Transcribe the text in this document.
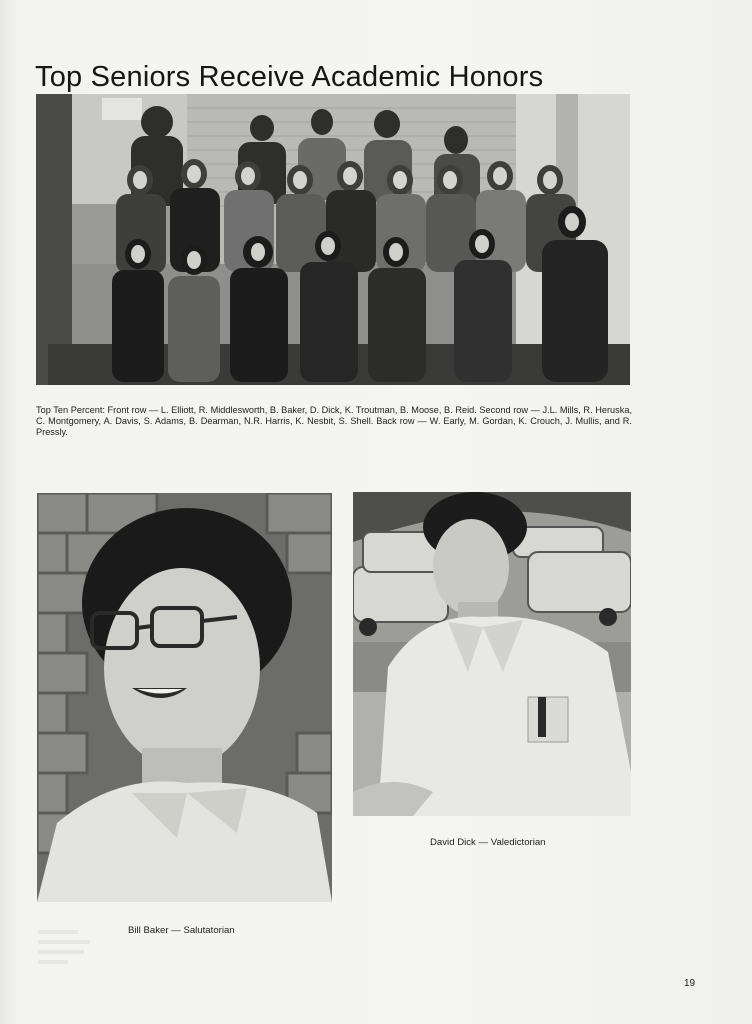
Top Seniors Receive Academic Honors

Top Ten Percent: Front row — L. Elliott, R. Middlesworth, B. Baker, D. Dick, K. Troutman, B. Moose, B. Reid. Second row — J.L. Mills, R. Heruska, C. Montgomery, A. Davis, S. Adams, B. Dearman, N.R. Harris, K. Nesbit, S. Shell. Back row — W. Early, M. Gordan, K. Crouch, J. Mullis, and R. Pressly.

David Dick — Valedictorian
Bill Baker — Salutatorian
19
